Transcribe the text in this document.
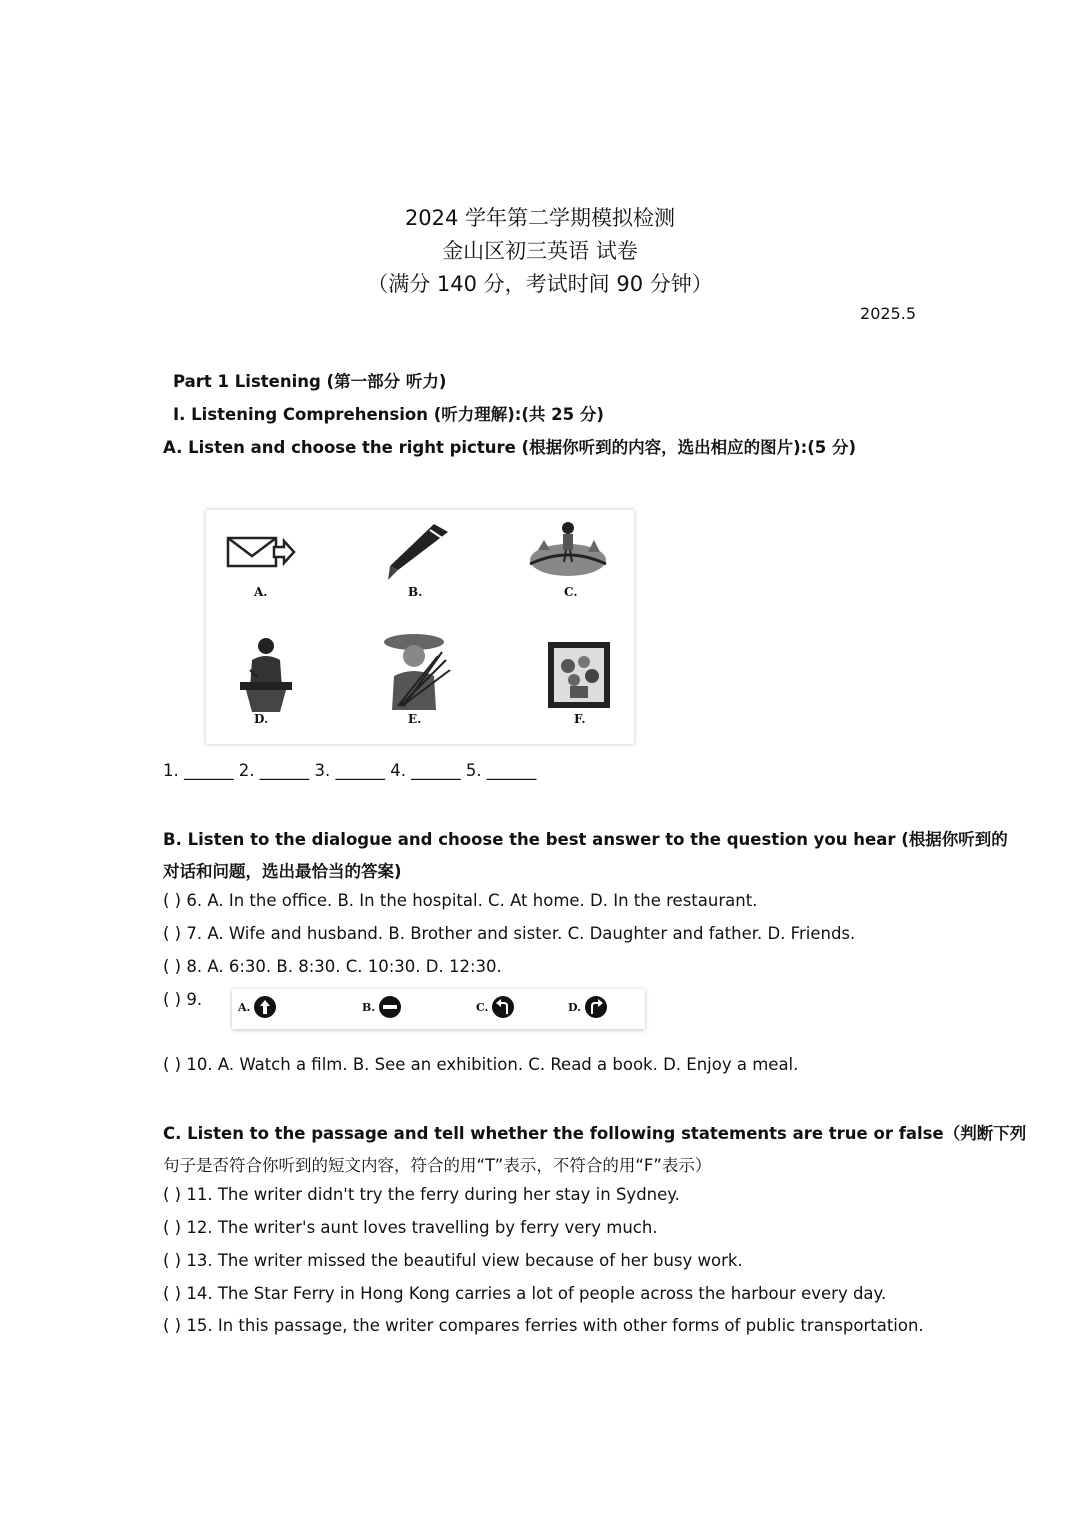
2024 学年第二学期模拟检测
金山区初三英语 试卷
（满分 140 分，考试时间 90 分钟）
2025.5
Part 1 Listening (第一部分 听力)
I. Listening Comprehension (听力理解):(共 25 分)
A. Listen and choose the right picture (根据你听到的内容，选出相应的图片):(5 分)
A.	B.	C.
D.	E.	F.
1. ______ 2. ______ 3. ______ 4. ______ 5. ______
B. Listen to the dialogue and choose the best answer to the question you hear (根据你听到的
对话和问题，选出最恰当的答案)
( ) 6. A. In the office. B. In the hospital. C. At home. D. In the restaurant.
( ) 7. A. Wife and husband. B. Brother and sister. C. Daughter and father. D. Friends.
( ) 8. A. 6:30. B. 8:30. C. 10:30. D. 12:30.
( ) 9.	A.	B.	C.	D.
( ) 10. A. Watch a film. B. See an exhibition. C. Read a book. D. Enjoy a meal.
C. Listen to the passage and tell whether the following statements are true or false（判断下列
句子是否符合你听到的短文内容，符合的用“T”表示，不符合的用“F”表示）
( ) 11. The writer didn't try the ferry during her stay in Sydney.
( ) 12. The writer's aunt loves travelling by ferry very much.
( ) 13. The writer missed the beautiful view because of her busy work.
( ) 14. The Star Ferry in Hong Kong carries a lot of people across the harbour every day.
( ) 15. In this passage, the writer compares ferries with other forms of public transportation.
